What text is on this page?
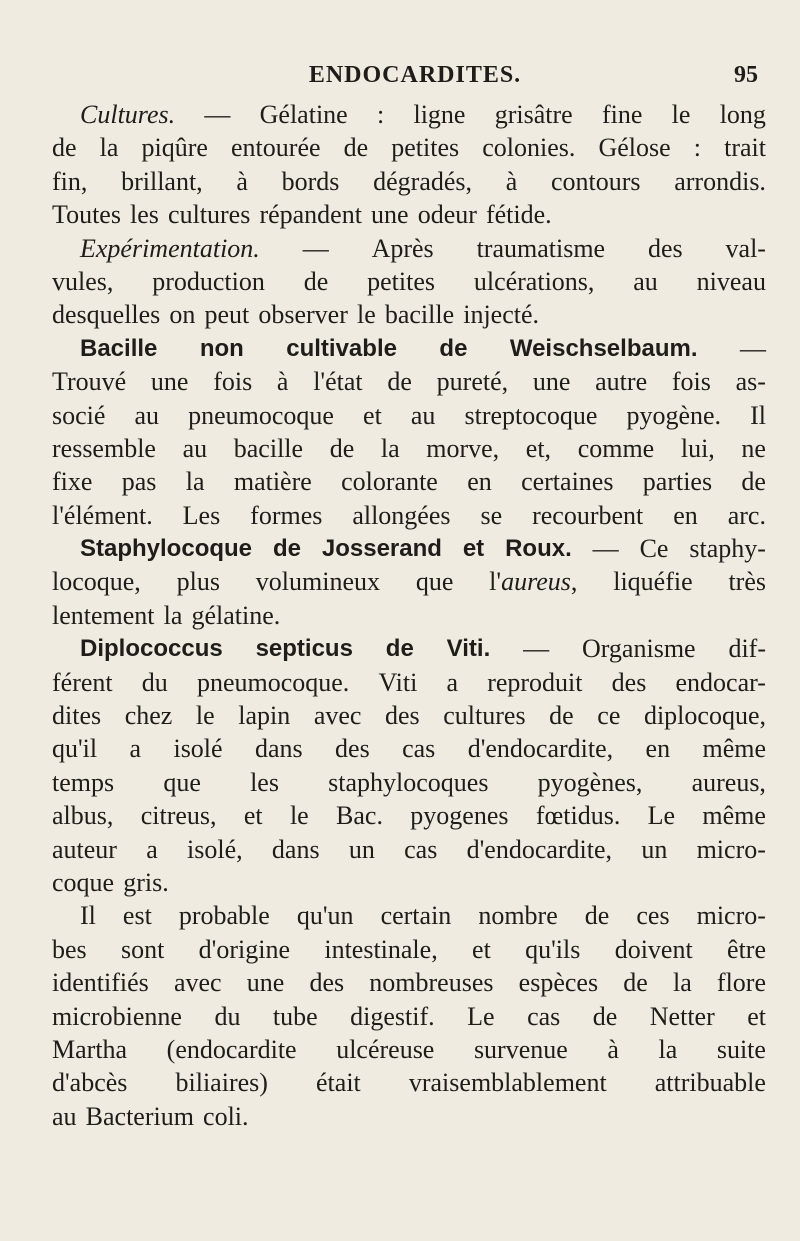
ENDOCARDITES.	95
Cultures. — Gélatine : ligne grisâtre fine le long
de la piqûre entourée de petites colonies. Gélose : trait
fin, brillant, à bords dégradés, à contours arrondis.
Toutes les cultures répandent une odeur fétide.
Expérimentation. — Après traumatisme des val-
vules, production de petites ulcérations, au niveau
desquelles on peut observer le bacille injecté.
Bacille non cultivable de Weischselbaum. —
Trouvé une fois à l'état de pureté, une autre fois as-
socié au pneumocoque et au streptocoque pyogène. Il
ressemble au bacille de la morve, et, comme lui, ne
fixe pas la matière colorante en certaines parties de
l'élément. Les formes allongées se recourbent en arc.
Staphylocoque de Josserand et Roux. — Ce staphy-
locoque, plus volumineux que l'aureus, liquéfie très
lentement la gélatine.
Diplococcus septicus de Viti. — Organisme dif-
férent du pneumocoque. Viti a reproduit des endocar-
dites chez le lapin avec des cultures de ce diplocoque,
qu'il a isolé dans des cas d'endocardite, en même
temps que les staphylocoques pyogènes, aureus,
albus, citreus, et le Bac. pyogenes fœtidus. Le même
auteur a isolé, dans un cas d'endocardite, un micro-
coque gris.
Il est probable qu'un certain nombre de ces micro-
bes sont d'origine intestinale, et qu'ils doivent être
identifiés avec une des nombreuses espèces de la flore
microbienne du tube digestif. Le cas de Netter et
Martha (endocardite ulcéreuse survenue à la suite
d'abcès biliaires) était vraisemblablement attribuable
au Bacterium coli.
